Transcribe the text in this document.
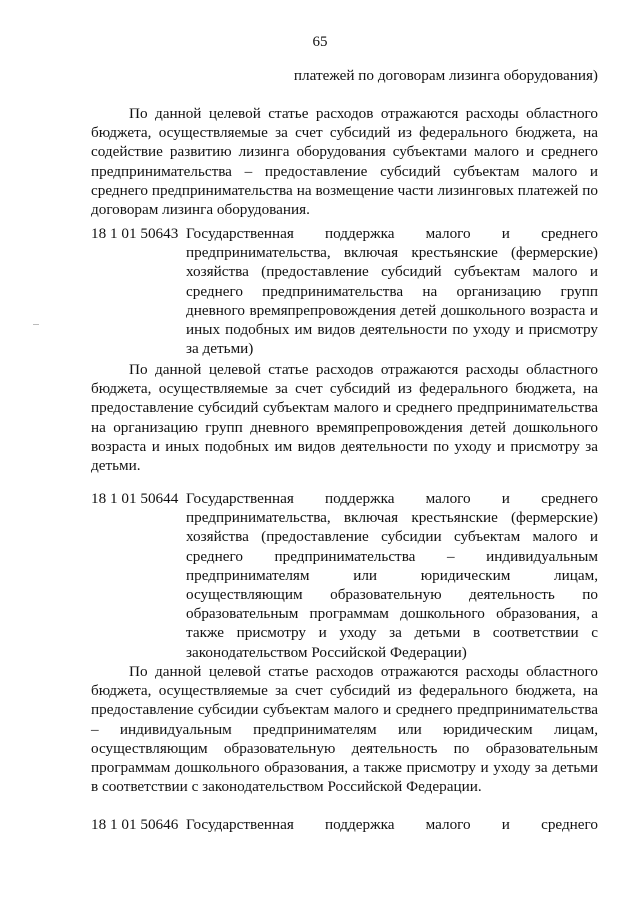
65
платежей по договорам лизинга оборудования)
По данной целевой статье расходов отражаются расходы областного бюджета, осуществляемые за счет субсидий из федерального бюджета, на содействие развитию лизинга оборудования субъектами малого и среднего предпринимательства – предоставление субсидий субъектам малого и среднего предпринимательства на возмещение части лизинговых платежей по договорам лизинга оборудования.
18 1 01 50643 Государственная поддержка малого и среднего предпринимательства, включая крестьянские (фермерские) хозяйства (предоставление субсидий субъектам малого и среднего предпринимательства на организацию групп дневного времяпрепровождения детей дошкольного возраста и иных подобных им видов деятельности по уходу и присмотру за детьми)
По данной целевой статье расходов отражаются расходы областного бюджета, осуществляемые за счет субсидий из федерального бюджета, на предоставление субсидий субъектам малого и среднего предпринимательства на организацию групп дневного времяпрепровождения детей дошкольного возраста и иных подобных им видов деятельности по уходу и присмотру за детьми.
18 1 01 50644 Государственная поддержка малого и среднего предпринимательства, включая крестьянские (фермерские) хозяйства (предоставление субсидии субъектам малого и среднего предпринимательства – индивидуальным предпринимателям или юридическим лицам, осуществляющим образовательную деятельность по образовательным программам дошкольного образования, а также присмотру и уходу за детьми в соответствии с законодательством Российской Федерации)
По данной целевой статье расходов отражаются расходы областного бюджета, осуществляемые за счет субсидий из федерального бюджета, на предоставление субсидии субъектам малого и среднего предпринимательства – индивидуальным предпринимателям или юридическим лицам, осуществляющим образовательную деятельность по образовательным программам дошкольного образования, а также присмотру и уходу за детьми в соответствии с законодательством Российской Федерации.
18 1 01 50646 Государственная поддержка малого и среднего
